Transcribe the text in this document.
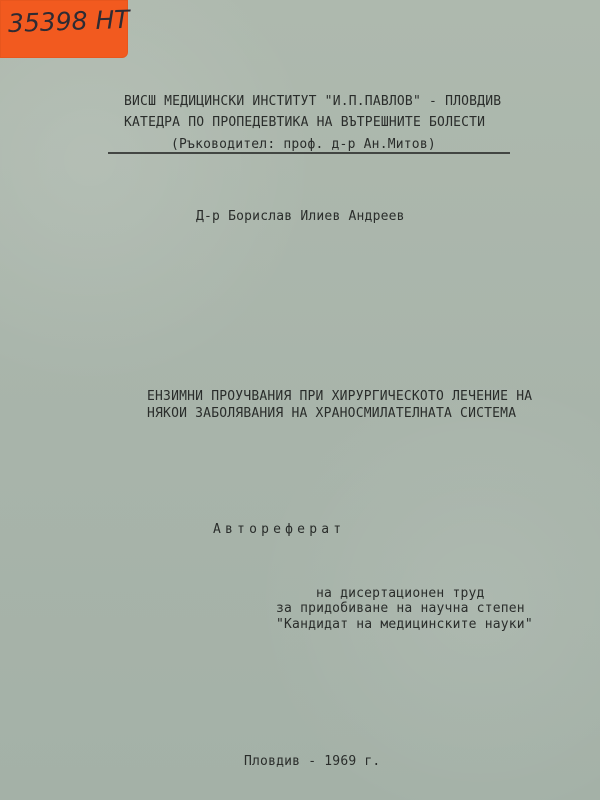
35398 НТ
ВИСШ МЕДИЦИНСКИ ИНСТИТУТ "И.П.ПАВЛОВ" - ПЛОВДИВ
КАТЕДРА ПО ПРОПЕДЕВТИКА НА ВЪТРЕШНИТЕ БОЛЕСТИ
(Ръководител: проф. д-р Ан.Митов)
Д-р Борислав Илиев Андреев
ЕНЗИМНИ ПРОУЧВАНИЯ ПРИ ХИРУРГИЧЕСКОТО ЛЕЧЕНИЕ НА
НЯКОИ ЗАБОЛЯВАНИЯ НА ХРАНОСМИЛАТЕЛНАТА СИСТЕМА
Автореферат
на дисертационен труд
за придобиване на научна степен
"Кандидат на медицинските науки"
Пловдив - 1969 г.
